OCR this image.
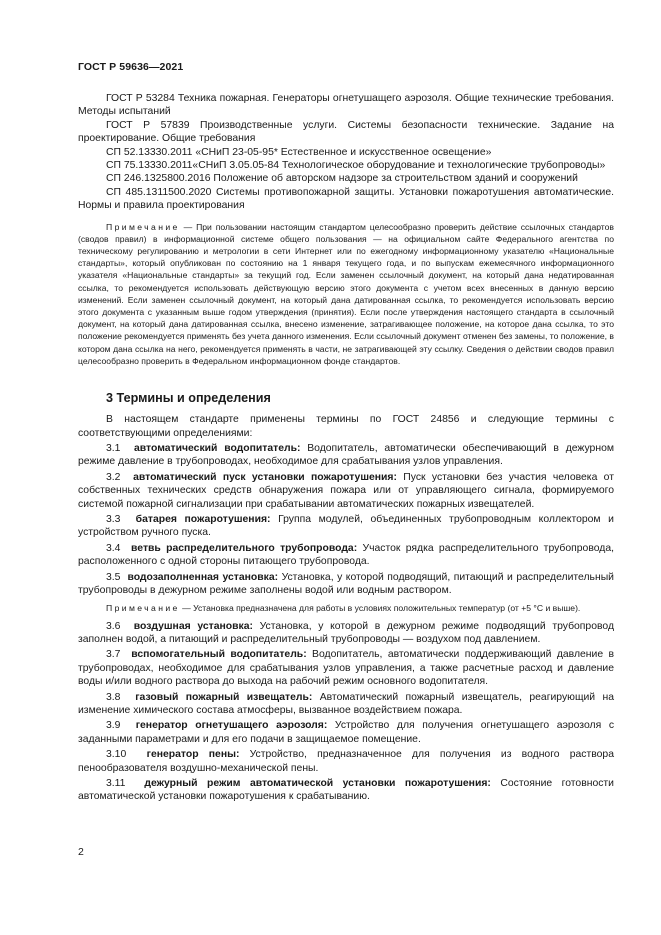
ГОСТ Р 59636—2021

ГОСТ Р 53284 Техника пожарная. Генераторы огнетушащего аэрозоля. Общие технические требования. Методы испытаний

ГОСТ Р 57839 Производственные услуги. Системы безопасности технические. Задание на проектирование. Общие требования

СП 52.13330.2011 «СНиП 23-05-95* Естественное и искусственное освещение»

СП 75.13330.2011«СНиП 3.05.05-84 Технологическое оборудование и технологические трубопроводы»

СП 246.1325800.2016 Положение об авторском надзоре за строительством зданий и сооружений

СП 485.1311500.2020 Системы противопожарной защиты. Установки пожаротушения автоматические. Нормы и правила проектирования

Примечание — При пользовании настоящим стандартом целесообразно проверить действие ссылочных стандартов (сводов правил) в информационной системе общего пользования — на официальном сайте Федерального агентства по техническому регулированию и метрологии в сети Интернет или по ежегодному информационному указателю «Национальные стандарты», который опубликован по состоянию на 1 января текущего года, и по выпускам ежемесячного информационного указателя «Национальные стандарты» за текущий год. Если заменен ссылочный документ, на который дана недатированная ссылка, то рекомендуется использовать действующую версию этого документа с учетом всех внесенных в данную версию изменений. Если заменен ссылочный документ, на который дана датированная ссылка, то рекомендуется использовать версию этого документа с указанным выше годом утверждения (принятия). Если после утверждения настоящего стандарта в ссылочный документ, на который дана датированная ссылка, внесено изменение, затрагивающее положение, на которое дана ссылка, то это положение рекомендуется применять без учета данного изменения. Если ссылочный документ отменен без замены, то положение, в котором дана ссылка на него, рекомендуется применять в части, не затрагивающей эту ссылку. Сведения о действии сводов правил целесообразно проверить в Федеральном информационном фонде стандартов.
3 Термины и определения

В настоящем стандарте применены термины по ГОСТ 24856 и следующие термины с соответствующими определениями:

3.1 автоматический водопитатель: Водопитатель, автоматически обеспечивающий в дежурном режиме давление в трубопроводах, необходимое для срабатывания узлов управления.

3.2 автоматический пуск установки пожаротушения: Пуск установки без участия человека от собственных технических средств обнаружения пожара или от управляющего сигнала, формируемого системой пожарной сигнализации при срабатывании автоматических пожарных извещателей.

3.3 батарея пожаротушения: Группа модулей, объединенных трубопроводным коллектором и устройством ручного пуска.

3.4 ветвь распределительного трубопровода: Участок рядка распределительного трубопровода, расположенного с одной стороны питающего трубопровода.

3.5 водозаполненная установка: Установка, у которой подводящий, питающий и распределительный трубопроводы в дежурном режиме заполнены водой или водным раствором.

Примечание — Установка предназначена для работы в условиях положительных температур (от +5 °С и выше).

3.6 воздушная установка: Установка, у которой в дежурном режиме подводящий трубопровод заполнен водой, а питающий и распределительный трубопроводы — воздухом под давлением.

3.7 вспомогательный водопитатель: Водопитатель, автоматически поддерживающий давление в трубопроводах, необходимое для срабатывания узлов управления, а также расчетные расход и давление воды и/или водного раствора до выхода на рабочий режим основного водопитателя.

3.8 газовый пожарный извещатель: Автоматический пожарный извещатель, реагирующий на изменение химического состава атмосферы, вызванное воздействием пожара.

3.9 генератор огнетушащего аэрозоля: Устройство для получения огнетушащего аэрозоля с заданными параметрами и для его подачи в защищаемое помещение.

3.10 генератор пены: Устройство, предназначенное для получения из водного раствора пенообразователя воздушно-механической пены.

3.11 дежурный режим автоматической установки пожаротушения: Состояние готовности автоматической установки пожаротушения к срабатыванию.

2
